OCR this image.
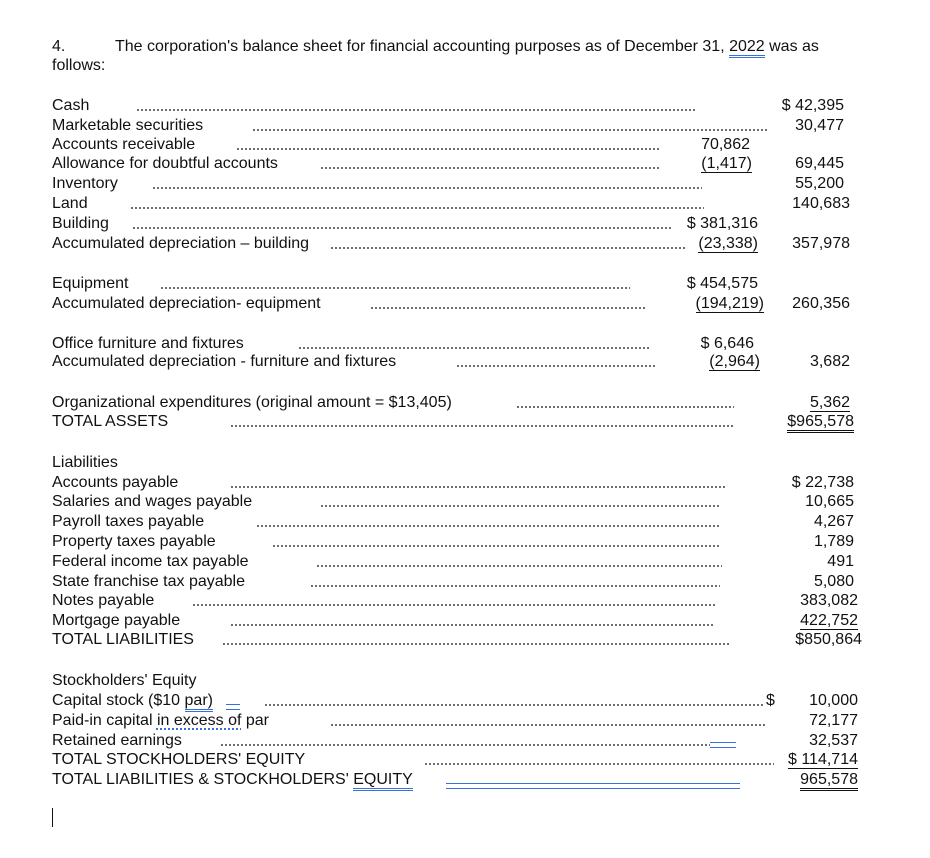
4.	The corporation's balance sheet for financial accounting purposes as of December 31, 2022 was as
follows:
Cash	$ 42,395
Marketable securities	30,477
Accounts receivable	70,862
Allowance for doubtful accounts	(1,417)	69,445
Inventory	55,200
Land	140,683
Building	$ 381,316
Accumulated depreciation – building	(23,338) 357,978
Equipment	$ 454,575
Accumulated depreciation- equipment	(194,219) 260,356
Office furniture and fixtures	$ 6,646
Accumulated depreciation - furniture and fixtures	(2,964)	3,682
Organizational expenditures (original amount = $13,405)	5,362
TOTAL ASSETS	$965,578
Liabilities
Accounts payable	$ 22,738
Salaries and wages payable	10,665
Payroll taxes payable	4,267
Property taxes payable	1,789
Federal income tax payable	491
State franchise tax payable	5,080
Notes payable	383,082
Mortgage payable	422,752
TOTAL LIABILITIES	$850,864
Stockholders' Equity
Capital stock ($10 par)	$ 10,000
Paid-in capital in excess of par	72,177
Retained earnings	32,537
TOTAL STOCKHOLDERS' EQUITY	$ 114,714
TOTAL LIABILITIES & STOCKHOLDERS' EQUITY	965,578
